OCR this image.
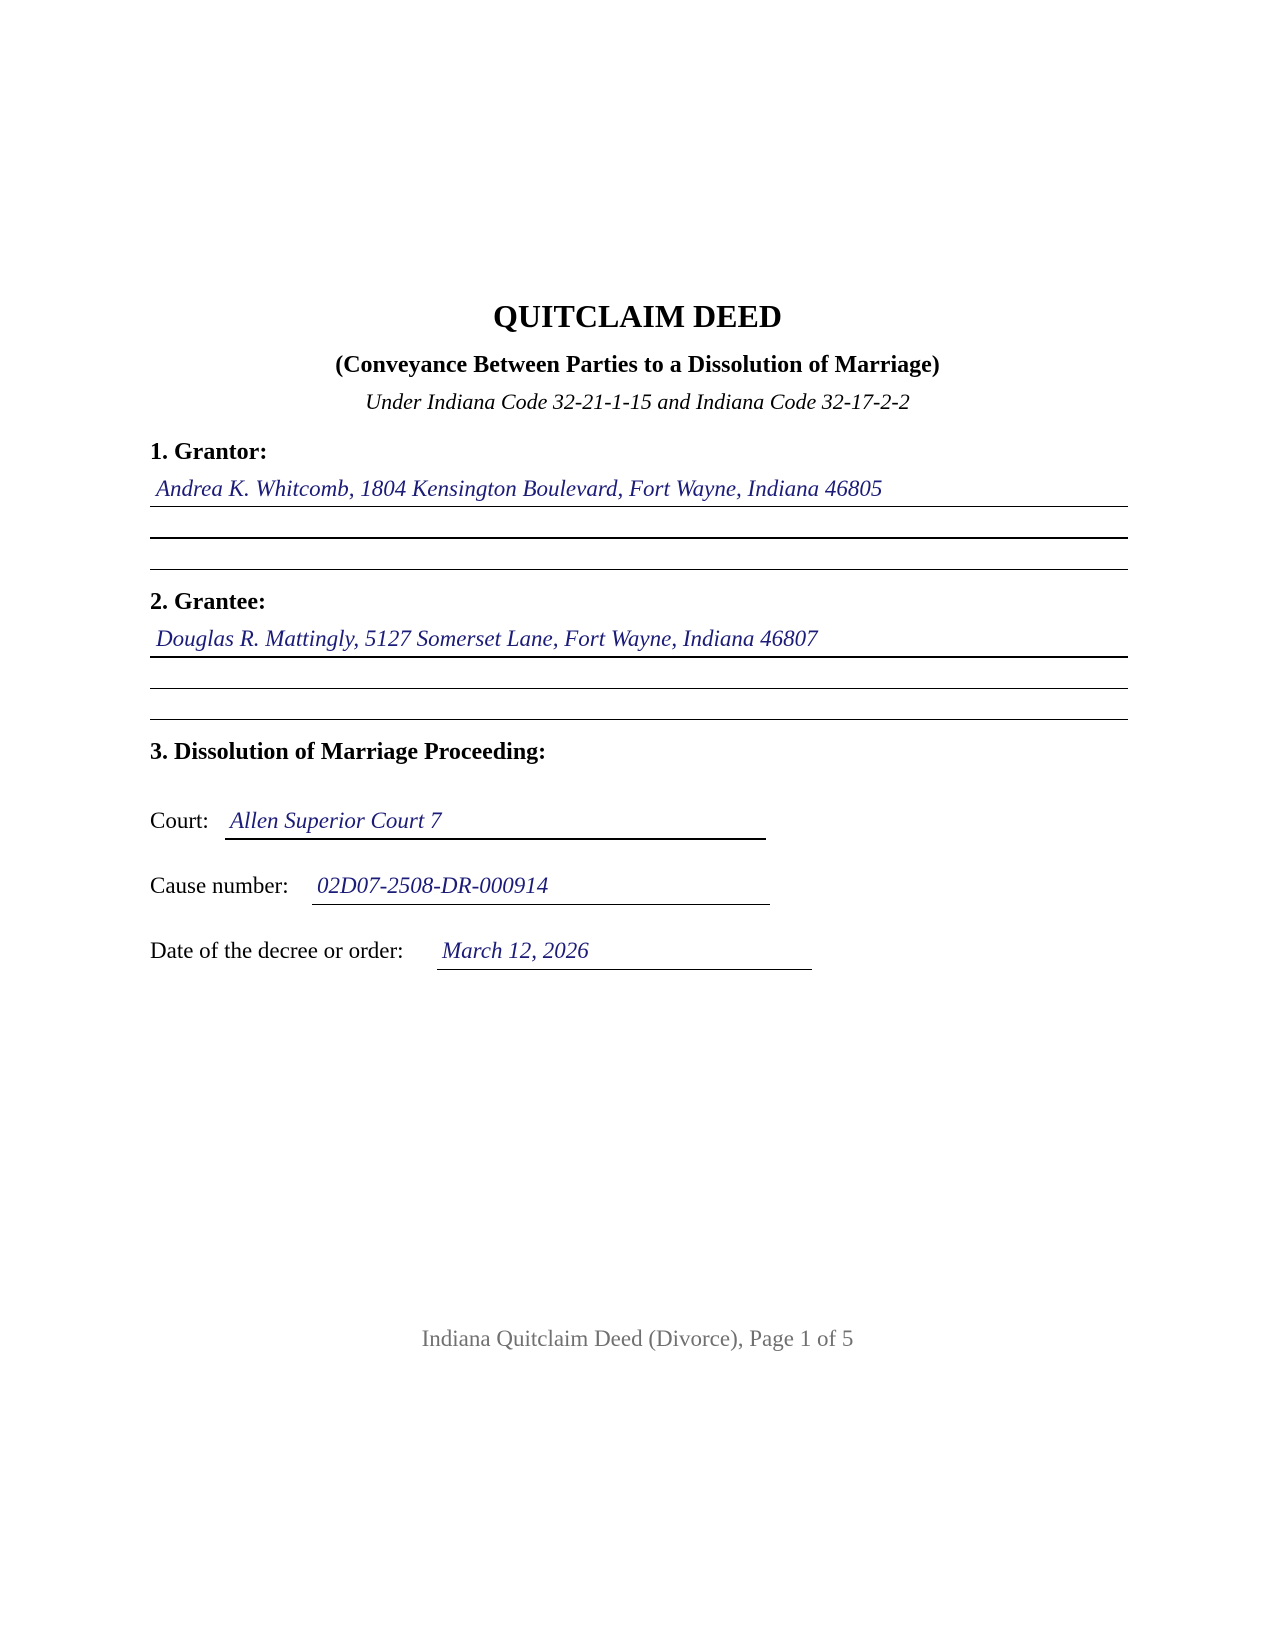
QUITCLAIM DEED
(Conveyance Between Parties to a Dissolution of Marriage)
Under Indiana Code 32-21-1-15 and Indiana Code 32-17-2-2
1. Grantor:
Andrea K. Whitcomb, 1804 Kensington Boulevard, Fort Wayne, Indiana 46805
2. Grantee:
Douglas R. Mattingly, 5127 Somerset Lane, Fort Wayne, Indiana 46807
3. Dissolution of Marriage Proceeding:
Court: Allen Superior Court 7
Cause number: 02D07-2508-DR-000914
Date of the decree or order: March 12, 2026
Indiana Quitclaim Deed (Divorce), Page 1 of 5
